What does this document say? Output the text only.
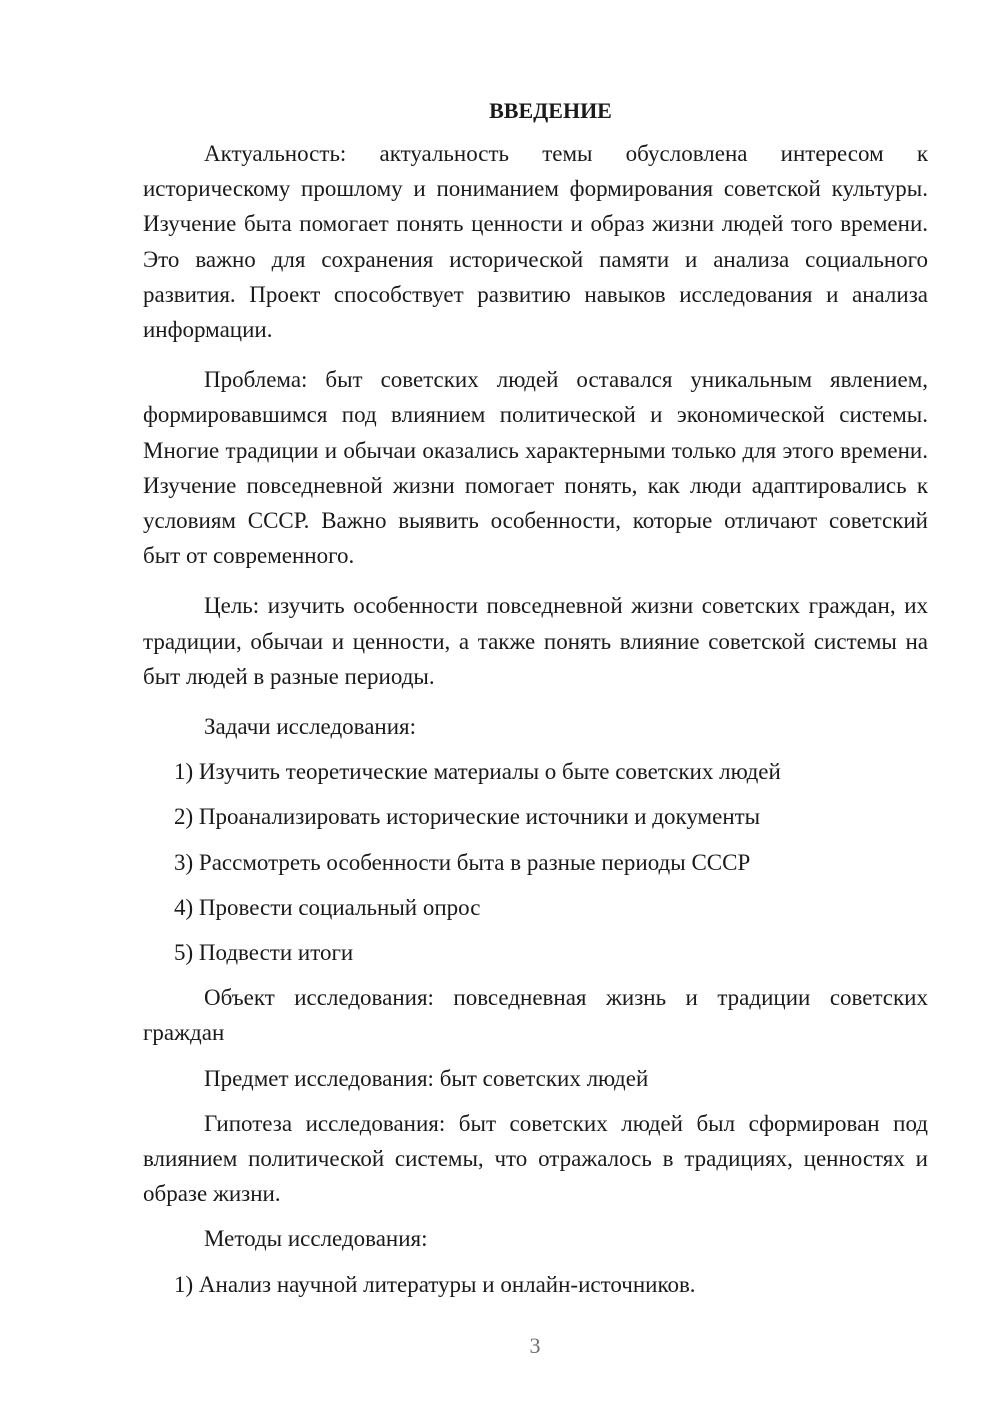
ВВЕДЕНИЕ

Актуальность: актуальность темы обусловлена интересом к историческому прошлому и пониманием формирования советской культуры. Изучение быта помогает понять ценности и образ жизни людей того времени. Это важно для сохранения исторической памяти и анализа социального развития. Проект способствует развитию навыков исследования и анализа информации.

Проблема: быт советских людей оставался уникальным явлением, формировавшимся под влиянием политической и экономической системы. Многие традиции и обычаи оказались характерными только для этого времени. Изучение повседневной жизни помогает понять, как люди адаптировались к условиям СССР. Важно выявить особенности, которые отличают советский быт от современного.

Цель: изучить особенности повседневной жизни советских граждан, их традиции, обычаи и ценности, а также понять влияние советской системы на быт людей в разные периоды.

Задачи исследования:

1) Изучить теоретические материалы о быте советских людей

2) Проанализировать исторические источники и документы

3) Рассмотреть особенности быта в разные периоды СССР

4) Провести социальный опрос

5) Подвести итоги

Объект исследования: повседневная жизнь и традиции советских граждан

Предмет исследования: быт советских людей

Гипотеза исследования: быт советских людей был сформирован под влиянием политической системы, что отражалось в традициях, ценностях и образе жизни.

Методы исследования:

1) Анализ научной литературы и онлайн-источников.

3
